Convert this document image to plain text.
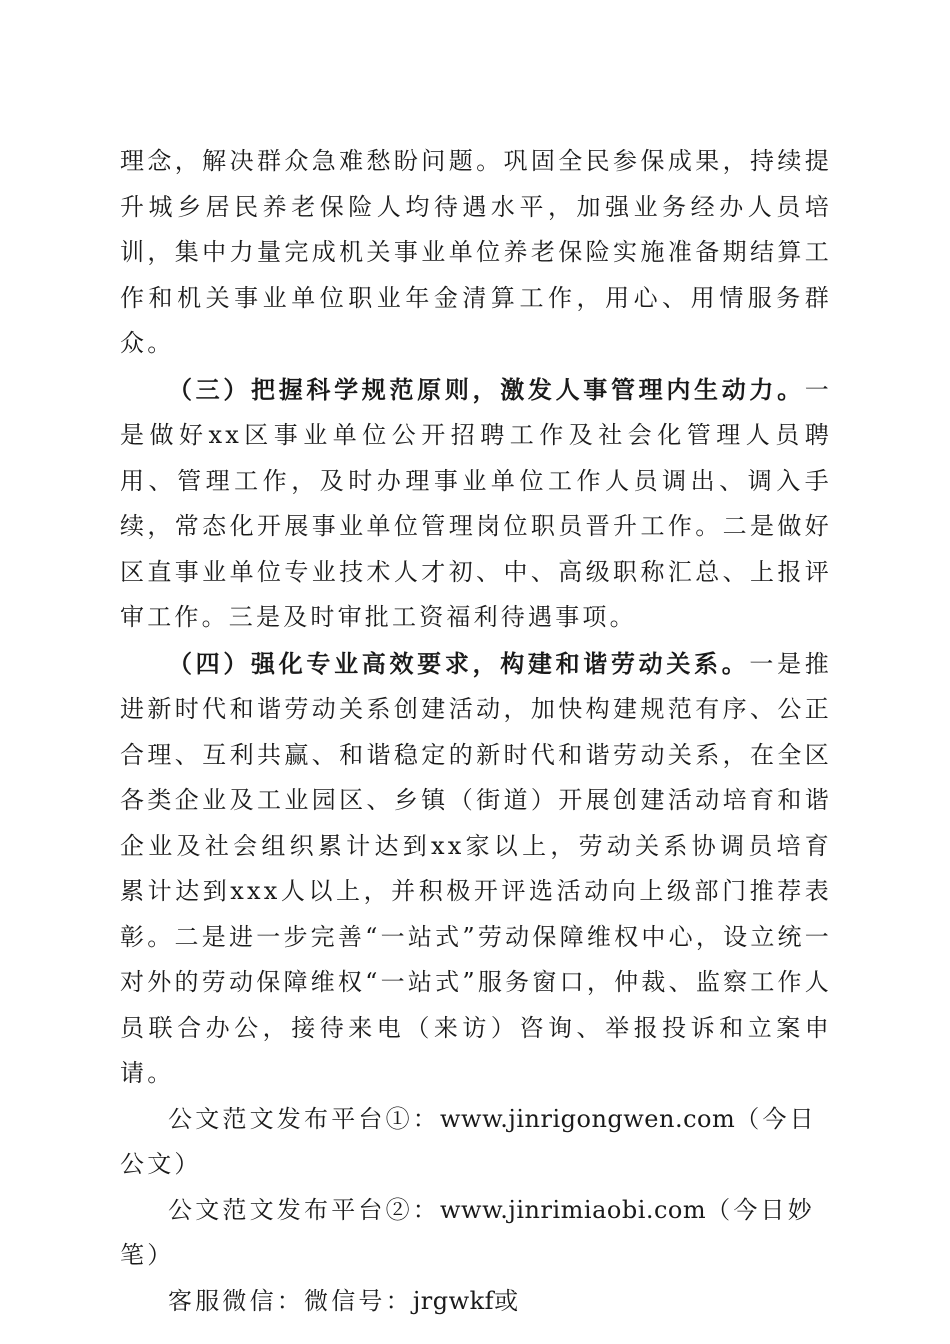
理念，解决群众急难愁盼问题。巩固全民参保成果，持续提升城乡居民养老保险人均待遇水平，加强业务经办人员培训，集中力量完成机关事业单位养老保险实施准备期结算工作和机关事业单位职业年金清算工作，用心、用情服务群众。

（三）把握科学规范原则，激发人事管理内生动力。一是做好xx区事业单位公开招聘工作及社会化管理人员聘用、管理工作，及时办理事业单位工作人员调出、调入手续，常态化开展事业单位管理岗位职员晋升工作。二是做好区直事业单位专业技术人才初、中、高级职称汇总、上报评审工作。三是及时审批工资福利待遇事项。

（四）强化专业高效要求，构建和谐劳动关系。一是推进新时代和谐劳动关系创建活动，加快构建规范有序、公正合理、互利共赢、和谐稳定的新时代和谐劳动关系，在全区各类企业及工业园区、乡镇（街道）开展创建活动培育和谐企业及社会组织累计达到xx家以上，劳动关系协调员培育累计达到xxx人以上，并积极开评选活动向上级部门推荐表彰。二是进一步完善“一站式”劳动保障维权中心，设立统一对外的劳动保障维权“一站式”服务窗口，仲裁、监察工作人员联合办公，接待来电（来访）咨询、举报投诉和立案申请。

公文范文发布平台①：www.jinrigongwen.com（今日公文）

公文范文发布平台②：www.jinrimiaobi.com（今日妙笔）

客服微信：微信号：jrgwkf或
